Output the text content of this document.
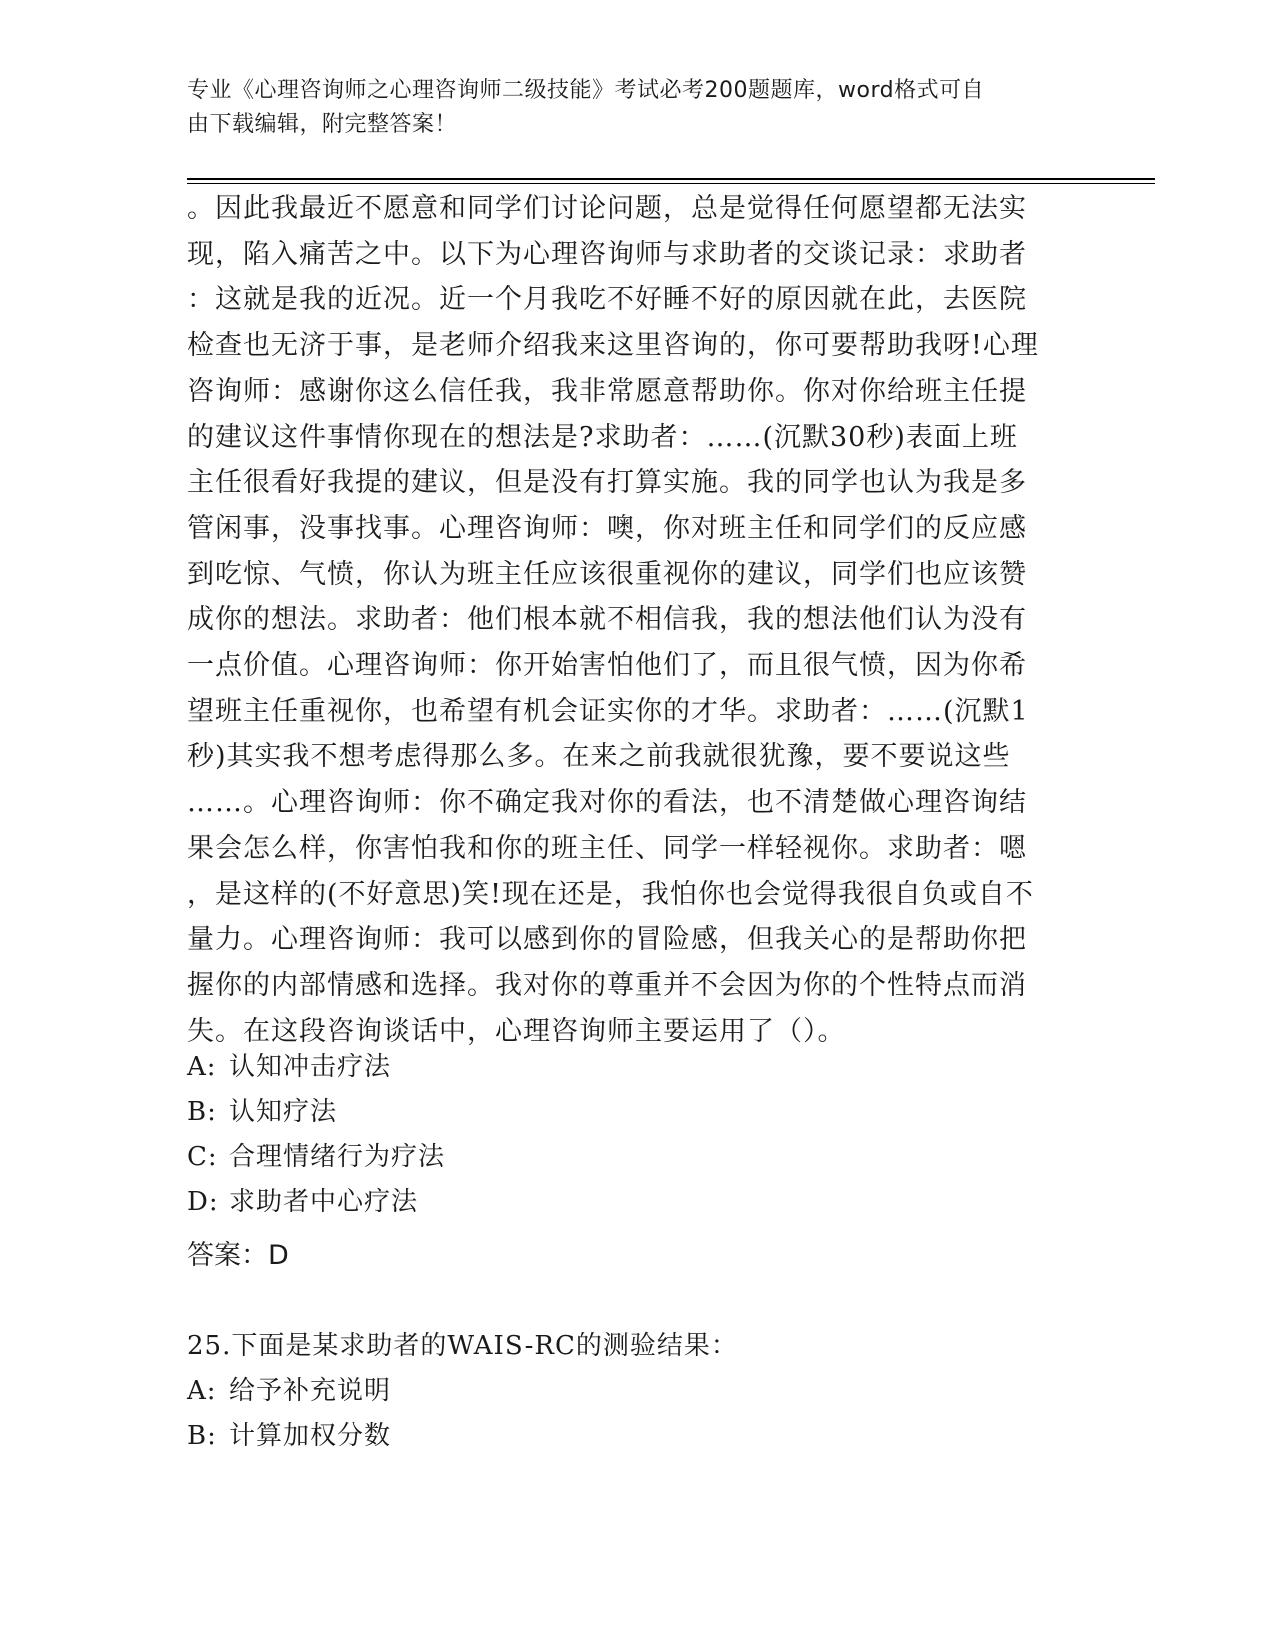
专业《心理咨询师之心理咨询师二级技能》考试必考200题题库，word格式可自
由下载编辑，附完整答案！
。因此我最近不愿意和同学们讨论问题，总是觉得任何愿望都无法实
现，陷入痛苦之中。以下为心理咨询师与求助者的交谈记录：求助者
：这就是我的近况。近一个月我吃不好睡不好的原因就在此，去医院
检查也无济于事，是老师介绍我来这里咨询的，你可要帮助我呀!心理
咨询师：感谢你这么信任我，我非常愿意帮助你。你对你给班主任提
的建议这件事情你现在的想法是?求助者：……(沉默30秒)表面上班
主任很看好我提的建议，但是没有打算实施。我的同学也认为我是多
管闲事，没事找事。心理咨询师：噢，你对班主任和同学们的反应感
到吃惊、气愤，你认为班主任应该很重视你的建议，同学们也应该赞
成你的想法。求助者：他们根本就不相信我，我的想法他们认为没有
一点价值。心理咨询师：你开始害怕他们了，而且很气愤，因为你希
望班主任重视你，也希望有机会证实你的才华。求助者：……(沉默1
秒)其实我不想考虑得那么多。在来之前我就很犹豫，要不要说这些
……。心理咨询师：你不确定我对你的看法，也不清楚做心理咨询结
果会怎么样，你害怕我和你的班主任、同学一样轻视你。求助者：嗯
，是这样的(不好意思)笑!现在还是，我怕你也会觉得我很自负或自不
量力。心理咨询师：我可以感到你的冒险感，但我关心的是帮助你把
握你的内部情感和选择。我对你的尊重并不会因为你的个性特点而消
失。在这段咨询谈话中，心理咨询师主要运用了（）。
A: 认知冲击疗法
B: 认知疗法
C: 合理情绪行为疗法
D: 求助者中心疗法
答案：D
25.下面是某求助者的WAIS-RC的测验结果：
A: 给予补充说明
B: 计算加权分数
